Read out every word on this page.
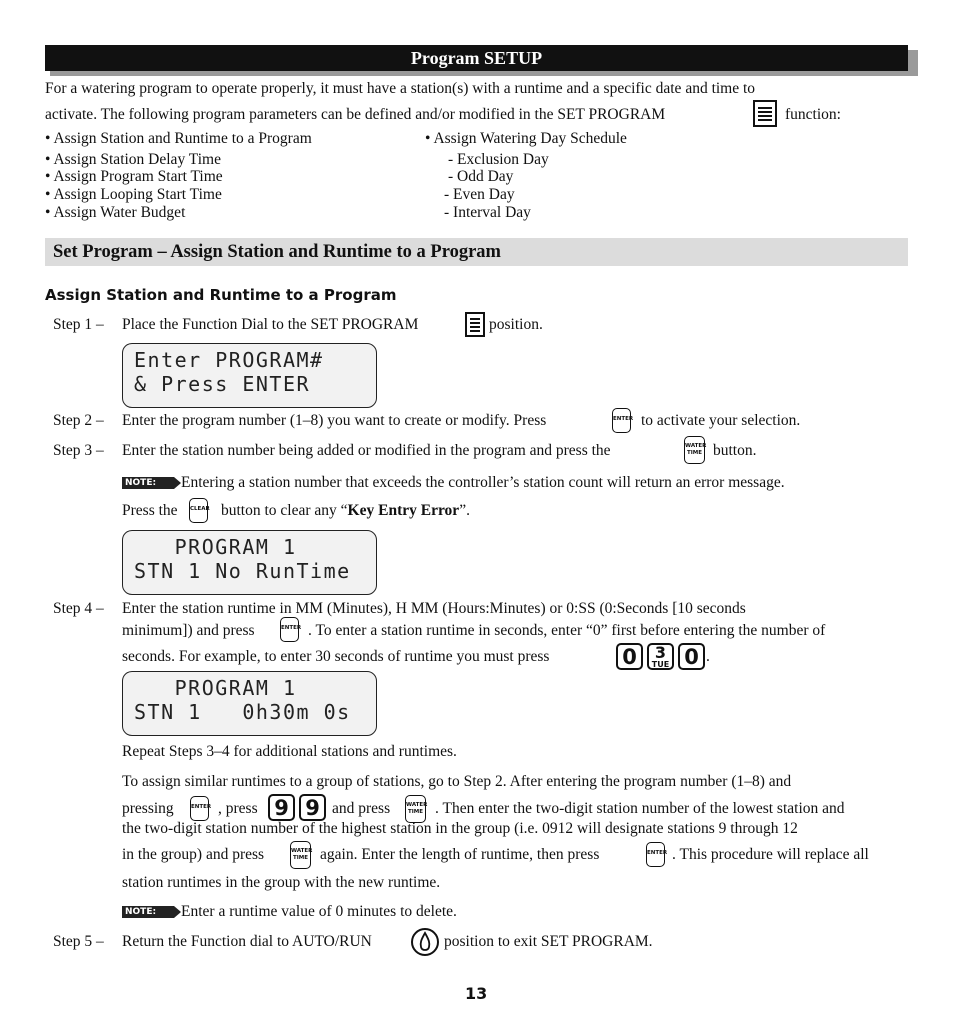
Program SETUP
For a watering program to operate properly, it must have a station(s) with a runtime and a specific date and time to
activate. The following program parameters can be defined and/or modified in the SET PROGRAM	function:
• Assign Station and Runtime to a Program
• Assign Station Delay Time
• Assign Program Start Time
• Assign Looping Start Time
• Assign Water Budget
• Assign Watering Day Schedule
- Exclusion Day
- Odd Day
- Even Day
- Interval Day
Set Program – Assign Station and Runtime to a Program
Assign Station and Runtime to a Program
Step 1 – Place the Function Dial to the SET PROGRAM	position.
Enter PROGRAM#
& Press ENTER
Step 2 – Enter the program number (1–8) you want to create or modify. Press	ENTER to activate your selection.
Step 3 – Enter the station number being added or modified in the program and press the	WATER
TIME button.
NOTE:	Entering a station number that exceeds the controller’s station count will return an error message.
Press the CLEAR button to clear any “Key Entry Error”.
PROGRAM 1
STN 1 No RunTime
Step 4 – Enter the station runtime in MM (Minutes), H MM (Hours:Minutes) or 0:SS (0:Seconds [10 seconds
minimum]) and press	ENTER . To enter a station runtime in seconds, enter “0” first before entering the number of
seconds. For example, to enter 30 seconds of runtime you must press	0	3
TUE 0 .
PROGRAM 1
STN 1   0h30m 0s
Repeat Steps 3–4 for additional stations and runtimes.
To assign similar runtimes to a group of stations, go to Step 2. After entering the program number (1–8) and
pressing	ENTER , press 9 9 and press	WATER
TIME . Then enter the two-digit station number of the lowest station and
the two-digit station number of the highest station in the group (i.e. 0912 will designate stations 9 through 12
in the group) and press	WATER
TIME again. Enter the length of runtime, then press	ENTER . This procedure will replace all
station runtimes in the group with the new runtime.
NOTE:	Enter a runtime value of 0 minutes to delete.
Step 5 – Return the Function dial to AUTO/RUN	position to exit SET PROGRAM.
13
